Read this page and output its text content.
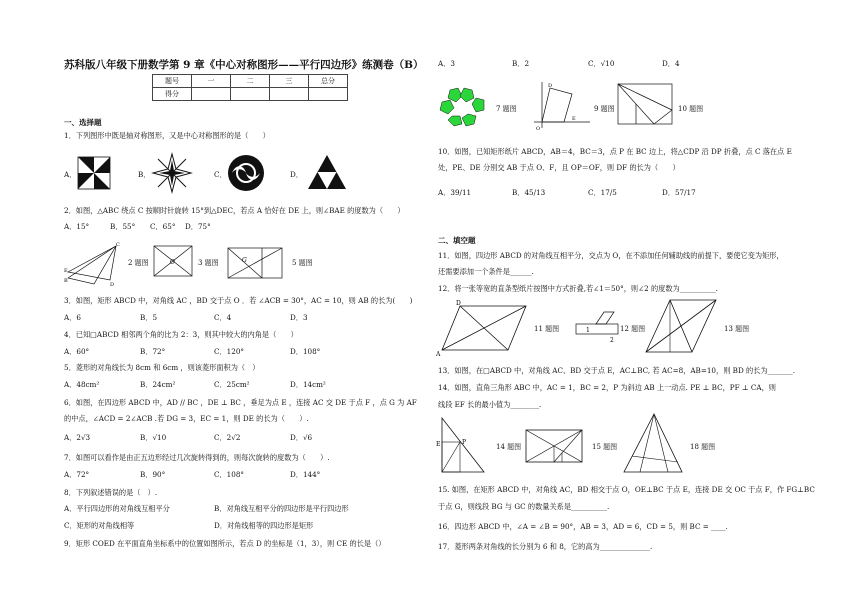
苏科版八年级下册数学第 9 章《中心对称图形——平行四边形》练测卷（B）
题号	一	二	三	总分
得分				
一、选择题
1．下列图形中既是轴对称图形，又是中心对称图形的是（　　）
A．	B．	C．	D．
2．如图，△ABC 绕点 C 按顺时针旋转 15°到△DEC，若点 A 恰好在 DE 上，则∠BAE 的度数为（　　）
A．15°	B．55° C．65° D．75°
E
B
C
D
2 题图	O	3 题图	G	5 题图
3．如图，矩形 ABCD 中，对角线 AC ，BD 交于点 O ．若 ∠ACB = 30°，AC = 10，则 AB 的长为(　　)
A．6	B．5	C．4	D．3
4．已知□ABCD 相邻两个角的比为 2：3，则其中较大的内角是（　　）
A．60°	B．72°	C．120°	D．108°
5．菱形的对角线长为 8cm 和 6cm ，则该菱形面积为（　）
A．48cm²	B．24cm²	C．25cm²	D．14cm²
6．如图，在四边形 ABCD 中，AD // BC ，DE ⊥ BC ，垂足为点 E ，连接 AC 交 DE 于点 F ，点 G 为 AF
的中点，∠ACD = 2∠ACB .若 DG = 3，EC = 1，则 DE 的长为（　　）.
A．2√3	B．√10	C．2√2	D．√6
7．如图可以看作是由正五边形经过几次旋转得到的，则每次旋转的度数为（　　）.
A．72°	B．90°	C．108°	D．144°
8．下列叙述错误的是（　）.
A．平行四边形的对角线互相平分	B．对角线互相平分的四边形是平行四边形
C．矩形的对角线相等	D．对角线相等的四边形是矩形
9．矩形 COED 在平面直角坐标系中的位置如图所示，若点 D 的坐标是（1，3），则 CE 的长是（）
A．3	B．2	C．√10	D．4
7 题图
O
D
E
9 题图	10 题图
10．如图，已知矩形纸片 ABCD，AB＝4，BC＝3，点 P 在 BC 边上，将△CDP 沿 DP 折叠，点 C 落在点 E
处，PE、DE 分别交 AB 于点 O、F，且 OP＝OF，则 DF 的长为（　　）
A．39/11	B．45/13	C．17/5	D．57/17
二、填空题
11．如图，四边形 ABCD 的对角线互相平分，交点为 O，在不添加任何辅助线的前提下，要使它变为矩形，
还需要添加一个条件是______.
12．将一张等宽的直条型纸片按图中方式折叠,若∠1＝50°，则∠2 的度数为__________.
A
D
11 题图	1
2
12 题图	13 题图
13．如图，在□ABCD 中，对角线 AC、BD 交于点 E，AC⊥BC, 若 AC=8，AB=10，则 BD 的长为_______.
14．如图，直角三角形 ABC 中，AC = 1，BC = 2，P 为斜边 AB 上一动点. PE ⊥ BC，PF ⊥ CA，则
线段 EF 长的最小值为________.
E	P
14 题图	15 题图	18 题图
15. 如图，在矩形 ABCD 中，对角线 AC，BD 相交于点 O，OE⊥BC 于点 E，连接 DE 交 OC 于点 F，作 FG⊥BC
于点 G，则线段 BG 与 GC 的数量关系是__________.
16．四边形 ABCD 中，∠A = ∠B = 90°，AB = 3，AD = 6，CD = 5，则 BC = ____.
17．菱形两条对角线的长分别为 6 和 8，它的高为______________.
